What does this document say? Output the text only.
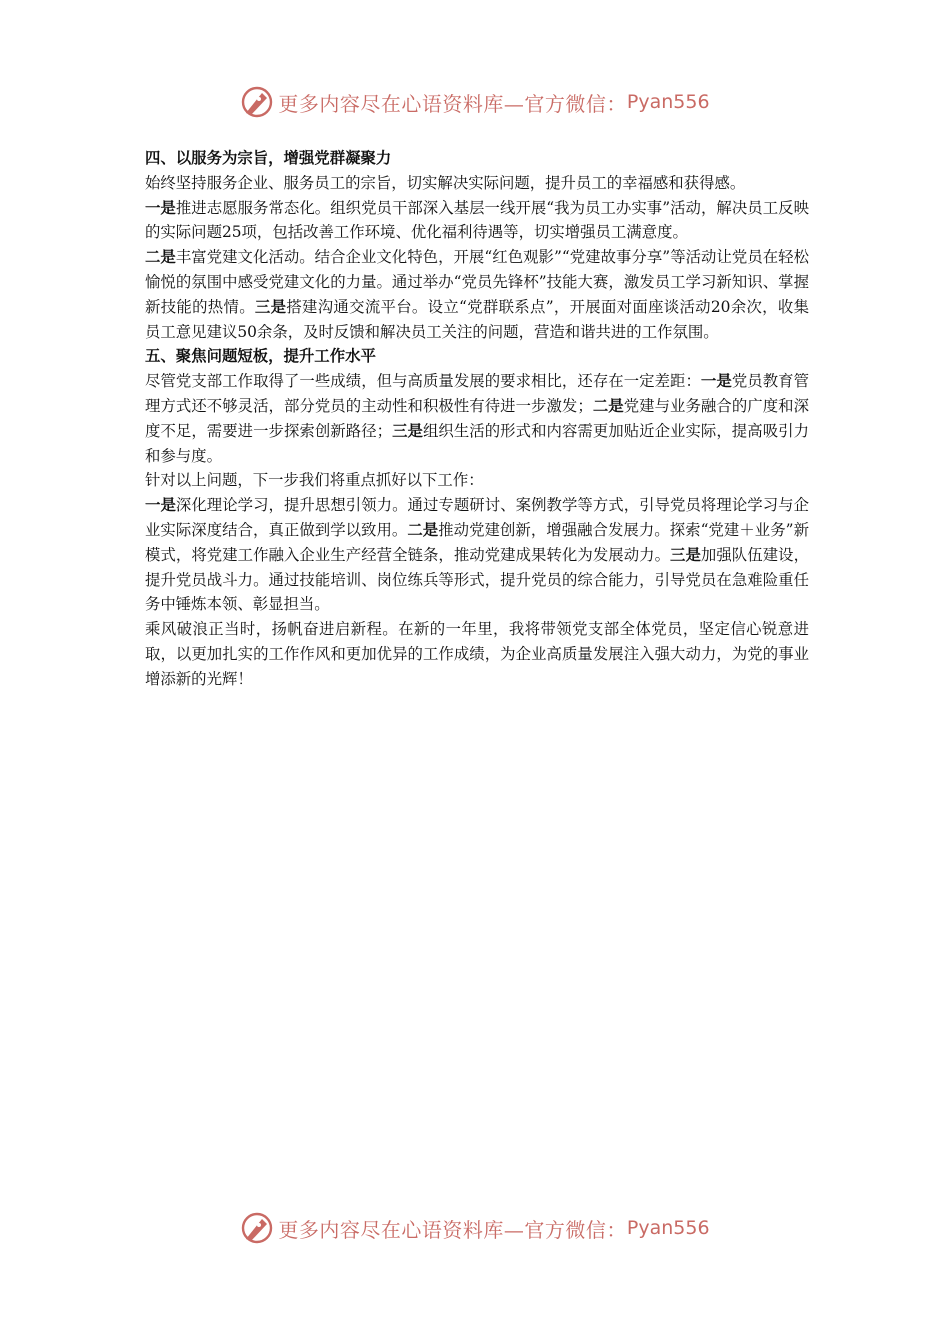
更多内容尽在心语资料库—官方微信： Pyan556
四、以服务为宗旨，增强党群凝聚力

始终坚持服务企业、服务员工的宗旨，切实解决实际问题，提升员工的幸福感和获得感。

一是推进志愿服务常态化。组织党员干部深入基层一线开展“我为员工办实事”活动，解决员工反映的实际问题25项，包括改善工作环境、优化福利待遇等，切实增强员工满意度。
二是丰富党建文化活动。结合企业文化特色，开展“红色观影”“党建故事分享”等活动让党员在轻松愉悦的氛围中感受党建文化的力量。通过举办“党员先锋杯”技能大赛，激发员工学习新知识、掌握新技能的热情。三是搭建沟通交流平台。设立“党群联系点”，开展面对面座谈活动20余次，收集员工意见建议50余条，及时反馈和解决员工关注的问题，营造和谐共进的工作氛围。

五、聚焦问题短板，提升工作水平

尽管党支部工作取得了一些成绩，但与高质量发展的要求相比，还存在一定差距：一是党员教育管理方式还不够灵活，部分党员的主动性和积极性有待进一步激发；二是党建与业务融合的广度和深度不足，需要进一步探索创新路径；三是组织生活的形式和内容需更加贴近企业实际，提高吸引力和参与度。

针对以上问题，下一步我们将重点抓好以下工作：

一是深化理论学习，提升思想引领力。通过专题研讨、案例教学等方式，引导党员将理论学习与企业实际深度结合，真正做到学以致用。二是推动党建创新，增强融合发展力。探索“党建＋业务”新模式，将党建工作融入企业生产经营全链条，推动党建成果转化为发展动力。三是加强队伍建设，提升党员战斗力。通过技能培训、岗位练兵等形式，提升党员的综合能力，引导党员在急难险重任务中锤炼本领、彰显担当。

乘风破浪正当时，扬帆奋进启新程。在新的一年里，我将带领党支部全体党员，坚定信心锐意进取，以更加扎实的工作作风和更加优异的工作成绩，为企业高质量发展注入强大动力，为党的事业增添新的光辉！

更多内容尽在心语资料库—官方微信： Pyan556
